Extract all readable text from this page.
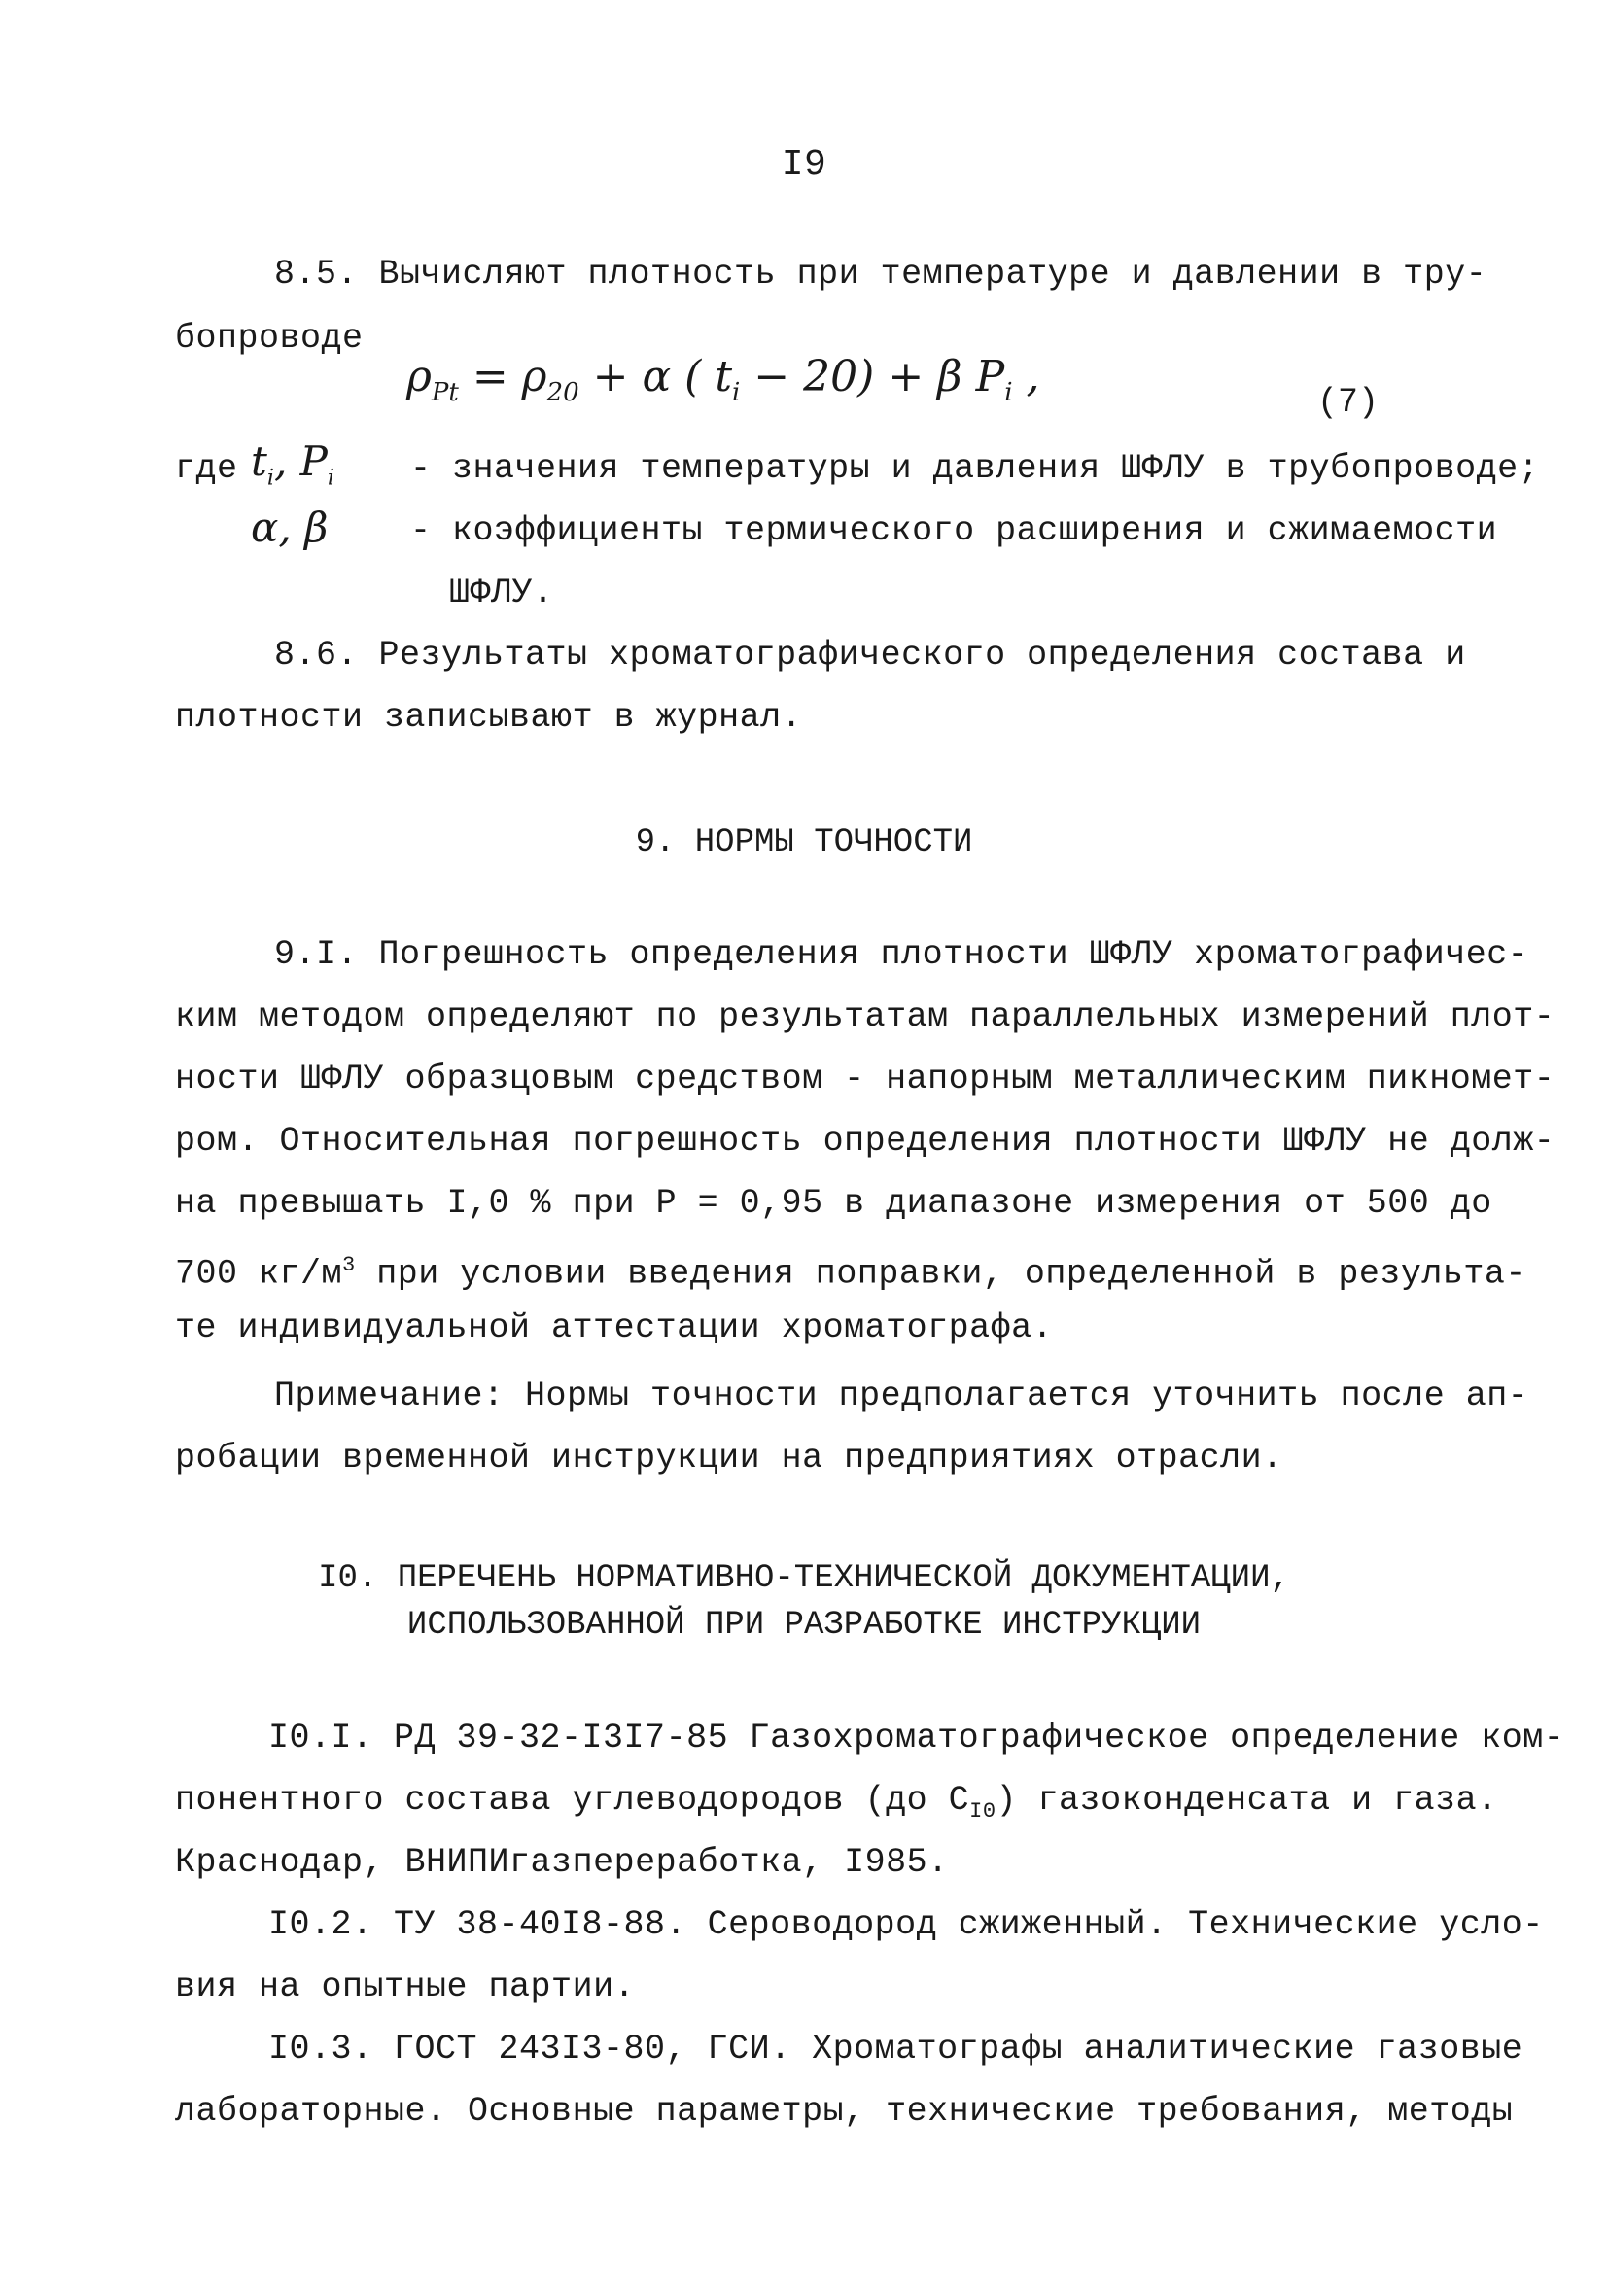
I9
8.5. Вычисляют плотность при температуре и давлении в тру-
бопроводе
$\rho_{Pt} = \rho_{20} + \alpha$ ( $t_i - 20) + \beta$ $P_i$ ,
(7)
где $t_i$, $P_i$ - значения температуры и давления ШФЛУ в трубопроводе;
α, β - коэффициенты термического расширения и сжимаемости
ШФЛУ.
8.6. Результаты хроматографического определения состава и
плотности записывают в журнал.
9. НОРМЫ ТОЧНОСТИ
9.I. Погрешность определения плотности ШФЛУ хроматографичес-
ким методом определяют по результатам параллельных измерений плот-
ности ШФЛУ образцовым средством - напорным металлическим пикномет-
ром. Относительная погрешность определения плотности ШФЛУ не долж-
на превышать I,0 % при P = 0,95 в диапазоне измерения от 500 до
700 $кг/м^3$ при условии введения поправки, определенной в результа-
те индивидуальной аттестации хроматографа.
Примечание: Нормы точности предполагается уточнить после ап-
робации временной инструкции на предприятиях отрасли.
I0. ПЕРЕЧЕНЬ НОРМАТИВНО-ТЕХНИЧЕСКОЙ ДОКУМЕНТАЦИИ,
ИСПОЛЬЗОВАННОЙ ПРИ РАЗРАБОТКЕ ИНСТРУКЦИИ
I0.I. РД 39-32-I3I7-85 Газохроматографическое определение ком-
понентного состава углеводородов (до $C_{I0}$) газоконденсата и газа.
Краснодар, ВНИПИгазпереработка, I985.
I0.2. ТУ 38-40I8-88. Сероводород сжиженный. Технические усло-
вия на опытные партии.
I0.3. ГОСТ 243I3-80, ГСИ. Хроматографы аналитические газовые
лабораторные. Основные параметры, технические требования, методы
